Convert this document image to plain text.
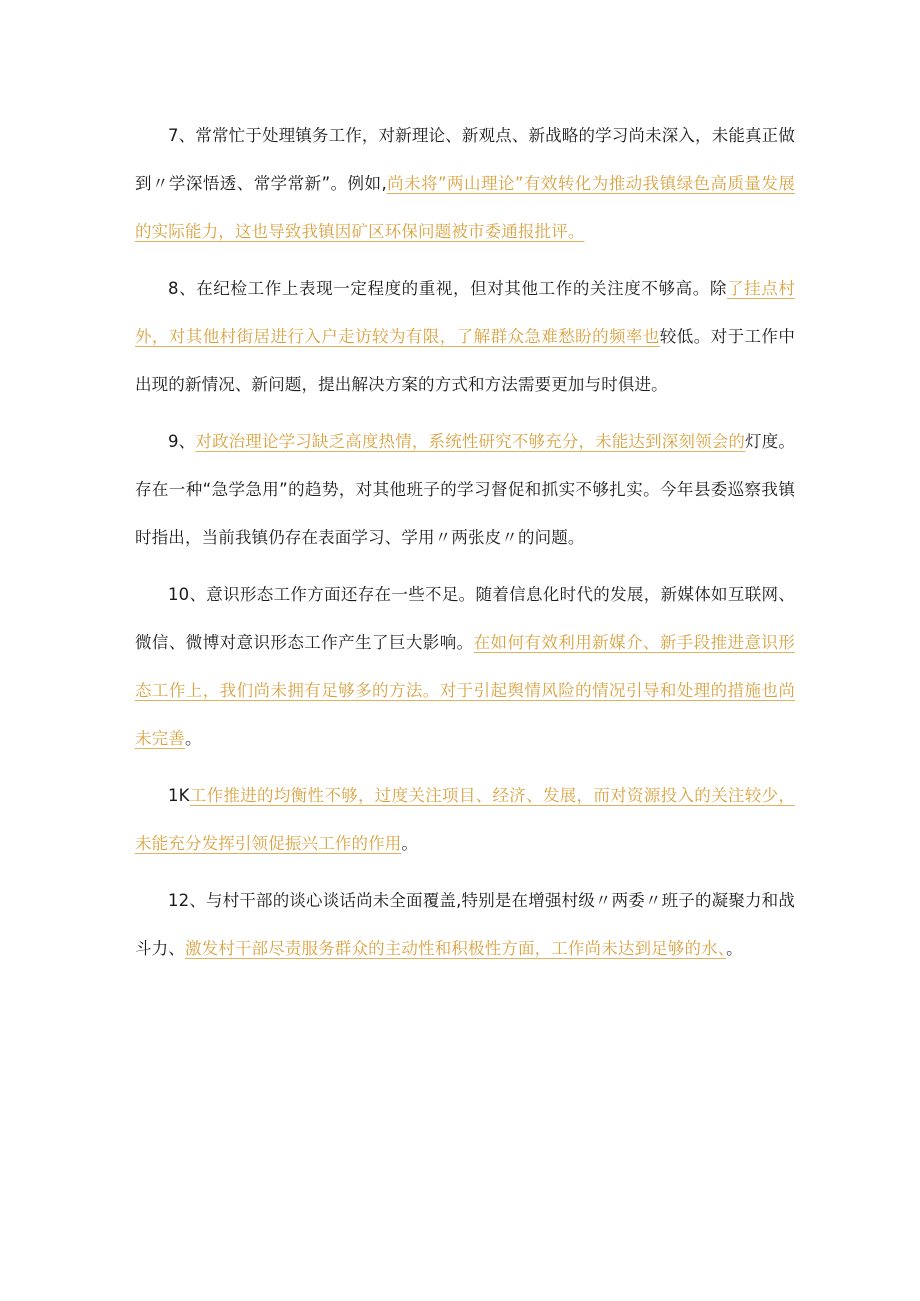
7、常常忙于处理镇务工作，对新理论、新观点、新战略的学习尚未深入，未能真正做到〃学深悟透、常学常新”。例如,尚未将”两山理论”有效转化为推动我镇绿色高质量发展的实际能力，这也导致我镇因矿区环保问题被市委通报批评。

8、在纪检工作上表现一定程度的重视，但对其他工作的关注度不够高。除了挂点村外，对其他村街居进行入户走访较为有限，了解群众急难愁盼的频率也较低。对于工作中出现的新情况、新问题，提出解决方案的方式和方法需要更加与时俱进。

9、对政治理论学习缺乏高度热情，系统性研究不够充分，未能达到深刻领会的灯度。存在一种“急学急用”的趋势，对其他班子的学习督促和抓实不够扎实。今年县委巡察我镇时指出，当前我镇仍存在表面学习、学用〃两张皮〃的问题。

10、意识形态工作方面还存在一些不足。随着信息化时代的发展，新媒体如互联网、微信、微博对意识形态工作产生了巨大影响。在如何有效利用新媒介、新手段推进意识形态工作上，我们尚未拥有足够多的方法。对于引起舆情风险的情况引导和处理的措施也尚未完善。

1K工作推进的均衡性不够，过度关注项目、经济、发展，而对资源投入的关注较少，未能充分发挥引领促振兴工作的作用。

12、与村干部的谈心谈话尚未全面覆盖,特别是在增强村级〃两委〃班子的凝聚力和战斗力、激发村干部尽责服务群众的主动性和积极性方面，工作尚未达到足够的水、。
